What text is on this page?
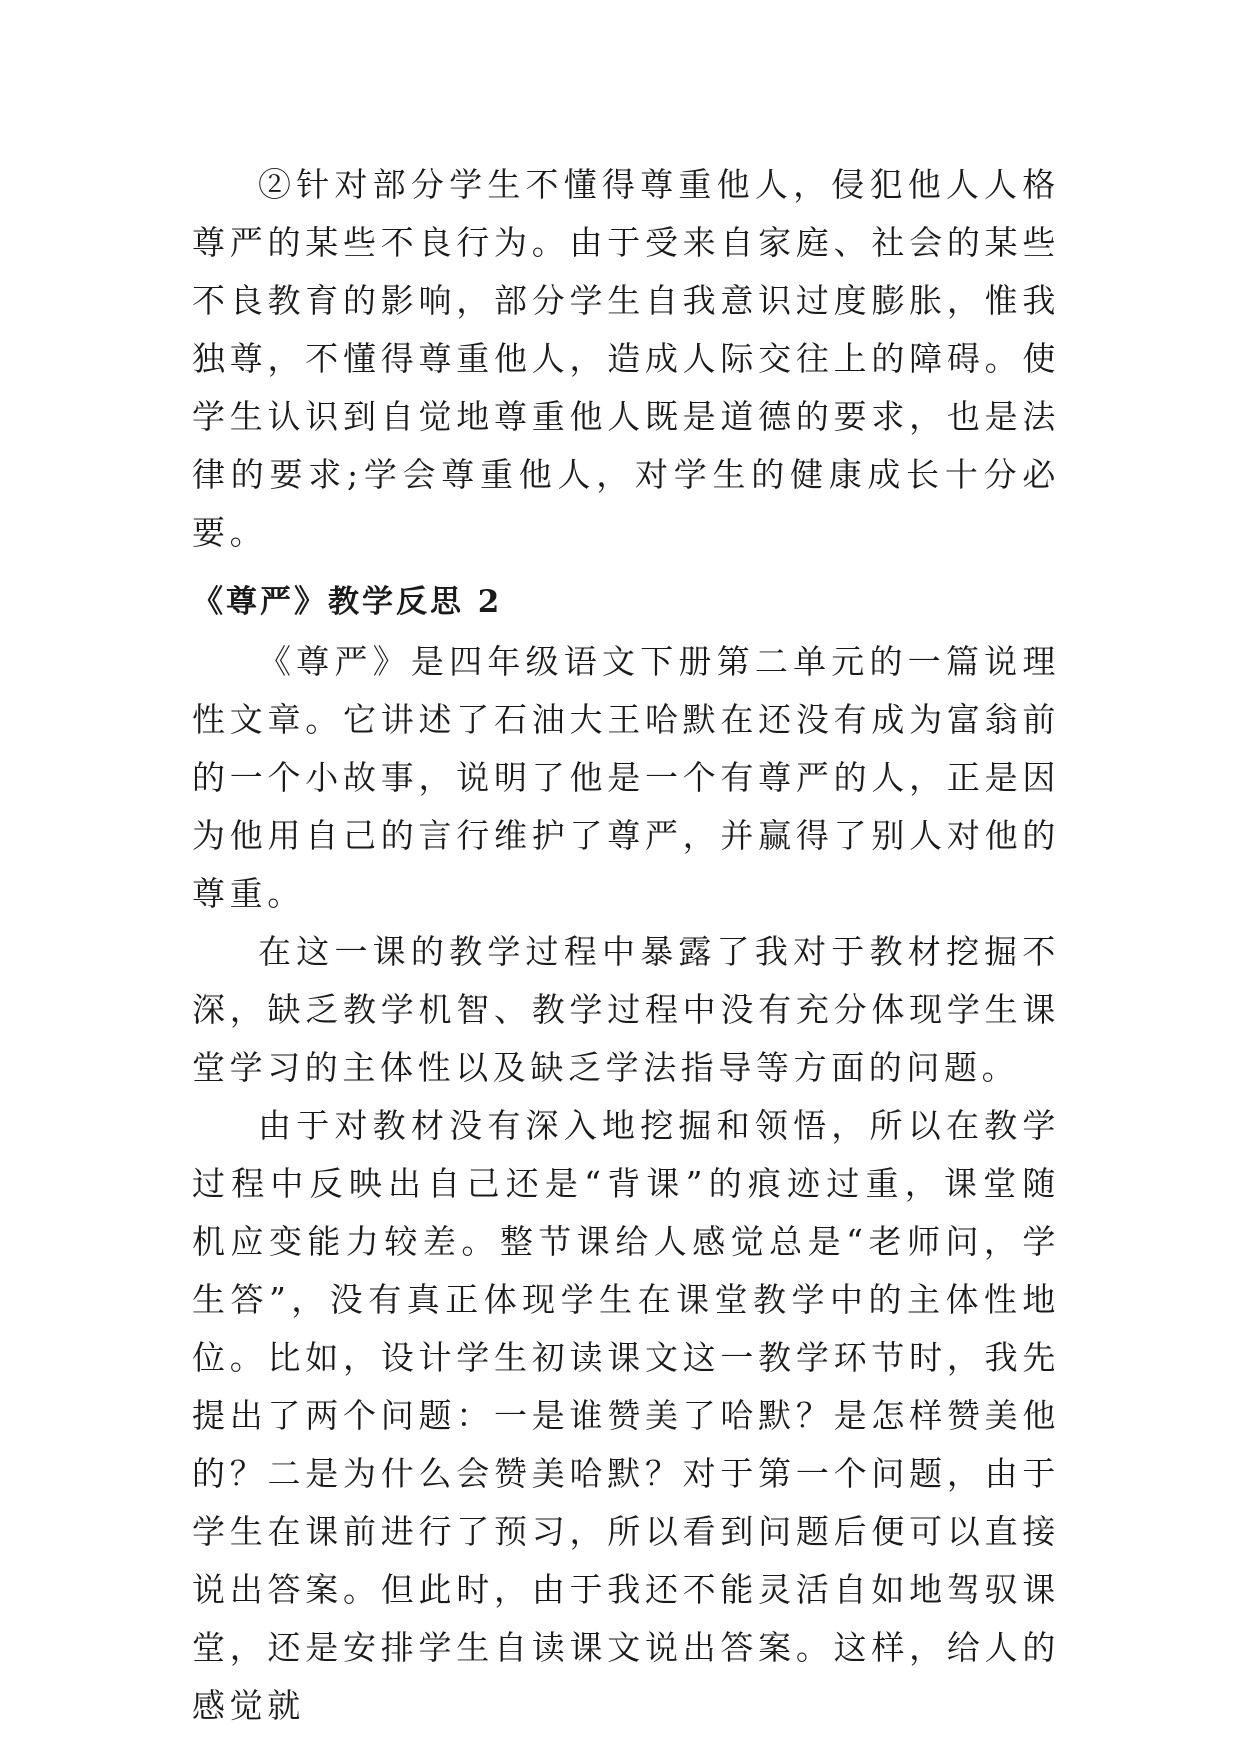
②针对部分学生不懂得尊重他人，侵犯他人人格尊严的某些不良行为。由于受来自家庭、社会的某些不良教育的影响，部分学生自我意识过度膨胀，惟我独尊，不懂得尊重他人，造成人际交往上的障碍。使学生认识到自觉地尊重他人既是道德的要求，也是法律的要求;学会尊重他人，对学生的健康成长十分必要。

《尊严》教学反思 2

《尊严》是四年级语文下册第二单元的一篇说理性文章。它讲述了石油大王哈默在还没有成为富翁前的一个小故事，说明了他是一个有尊严的人，正是因为他用自己的言行维护了尊严，并赢得了别人对他的尊重。

在这一课的教学过程中暴露了我对于教材挖掘不深，缺乏教学机智、教学过程中没有充分体现学生课堂学习的主体性以及缺乏学法指导等方面的问题。

由于对教材没有深入地挖掘和领悟，所以在教学过程中反映出自己还是“背课”的痕迹过重，课堂随机应变能力较差。整节课给人感觉总是“老师问，学生答”，没有真正体现学生在课堂教学中的主体性地位。比如，设计学生初读课文这一教学环节时，我先提出了两个问题：一是谁赞美了哈默？是怎样赞美他的？二是为什么会赞美哈默？对于第一个问题，由于学生在课前进行了预习，所以看到问题后便可以直接说出答案。但此时，由于我还不能灵活自如地驾驭课堂，还是安排学生自读课文说出答案。这样，给人的感觉就
